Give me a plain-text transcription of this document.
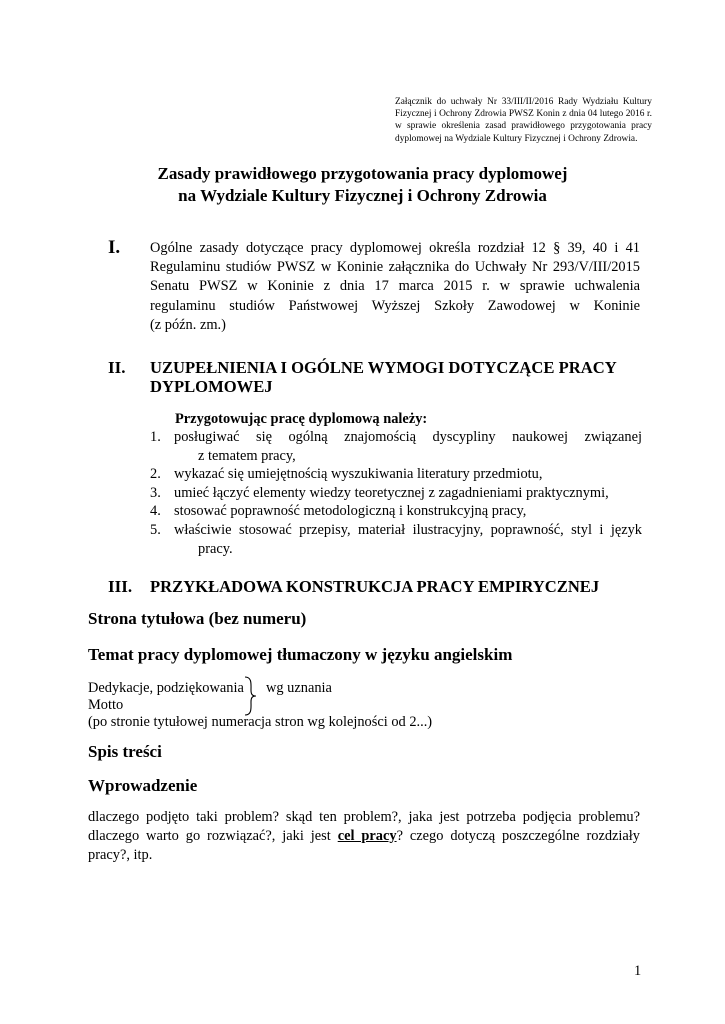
Załącznik do uchwały Nr 33/III/II/2016 Rady Wydziału Kultury Fizycznej i Ochrony Zdrowia PWSZ Konin z dnia 04 lutego 2016 r. w sprawie określenia zasad prawidłowego przygotowania pracy dyplomowej na Wydziale Kultury Fizycznej i Ochrony Zdrowia.
Zasady prawidłowego przygotowania pracy dyplomowej
na Wydziale Kultury Fizycznej i Ochrony Zdrowia
I. Ogólne zasady dotyczące pracy dyplomowej określa rozdział 12 § 39, 40 i 41
Regulaminu studiów PWSZ w Koninie załącznika do Uchwały Nr 293/V/III/2015
Senatu PWSZ w Koninie z dnia 17 marca 2015 r. w sprawie uchwalenia
regulaminu studiów Państwowej Wyższej Szkoły Zawodowej w Koninie
(z późn. zm.)
II. UZUPEŁNIENIA I OGÓLNE WYMOGI DOTYCZĄCE PRACY
DYPLOMOWEJ
Przygotowując pracę dyplomową należy:
1. posługiwać się ogólną znajomością dyscypliny naukowej związanej
z tematem pracy,
2. wykazać się umiejętnością wyszukiwania literatury przedmiotu,
3. umieć łączyć elementy wiedzy teoretycznej z zagadnieniami praktycznymi,
4. stosować poprawność metodologiczną i konstrukcyjną pracy,
5. właściwie stosować przepisy, materiał ilustracyjny, poprawność, styl i język
pracy.
III. PRZYKŁADOWA KONSTRUKCJA PRACY EMPIRYCZNEJ
Strona tytułowa (bez numeru)
Temat pracy dyplomowej tłumaczony w języku angielskim
Dedykacje, podziękowania wg uznania
Motto
(po stronie tytułowej numeracja stron wg kolejności od 2...)
Spis treści
Wprowadzenie
dlaczego podjęto taki problem? skąd ten problem?, jaka jest potrzeba podjęcia problemu?
dlaczego warto go rozwiązać?, jaki jest cel pracy? czego dotyczą poszczególne rozdziały
pracy?, itp.
1
